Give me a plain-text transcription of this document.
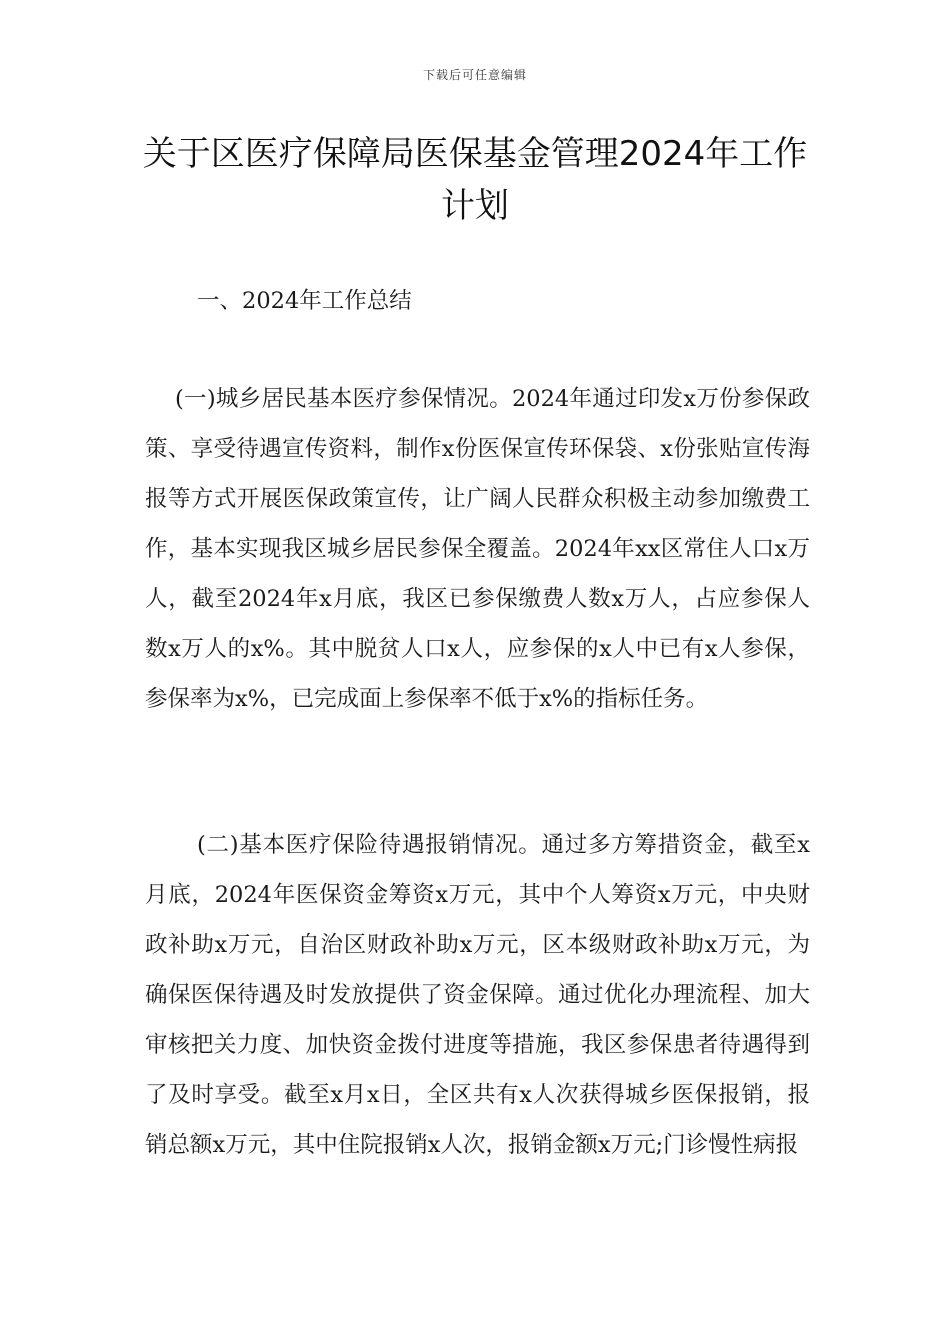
下载后可任意编辑
关于区医疗保障局医保基金管理2024年工作计划

一、2024年工作总结

(一)城乡居民基本医疗参保情况。2024年通过印发x万份参保政策、享受待遇宣传资料，制作x份医保宣传环保袋、x份张贴宣传海报等方式开展医保政策宣传，让广阔人民群众积极主动参加缴费工作，基本实现我区城乡居民参保全覆盖。2024年xx区常住人口x万人，截至2024年x月底，我区已参保缴费人数x万人，占应参保人数x万人的x%。其中脱贫人口x人，应参保的x人中已有x人参保，参保率为x%，已完成面上参保率不低于x%的指标任务。

(二)基本医疗保险待遇报销情况。通过多方筹措资金，截至x月底，2024年医保资金筹资x万元，其中个人筹资x万元，中央财政补助x万元，自治区财政补助x万元，区本级财政补助x万元，为确保医保待遇及时发放提供了资金保障。通过优化办理流程、加大审核把关力度、加快资金拨付进度等措施，我区参保患者待遇得到了及时享受。截至x月x日，全区共有x人次获得城乡医保报销，报销总额x万元，其中住院报销x人次，报销金额x万元;门诊慢性病报
